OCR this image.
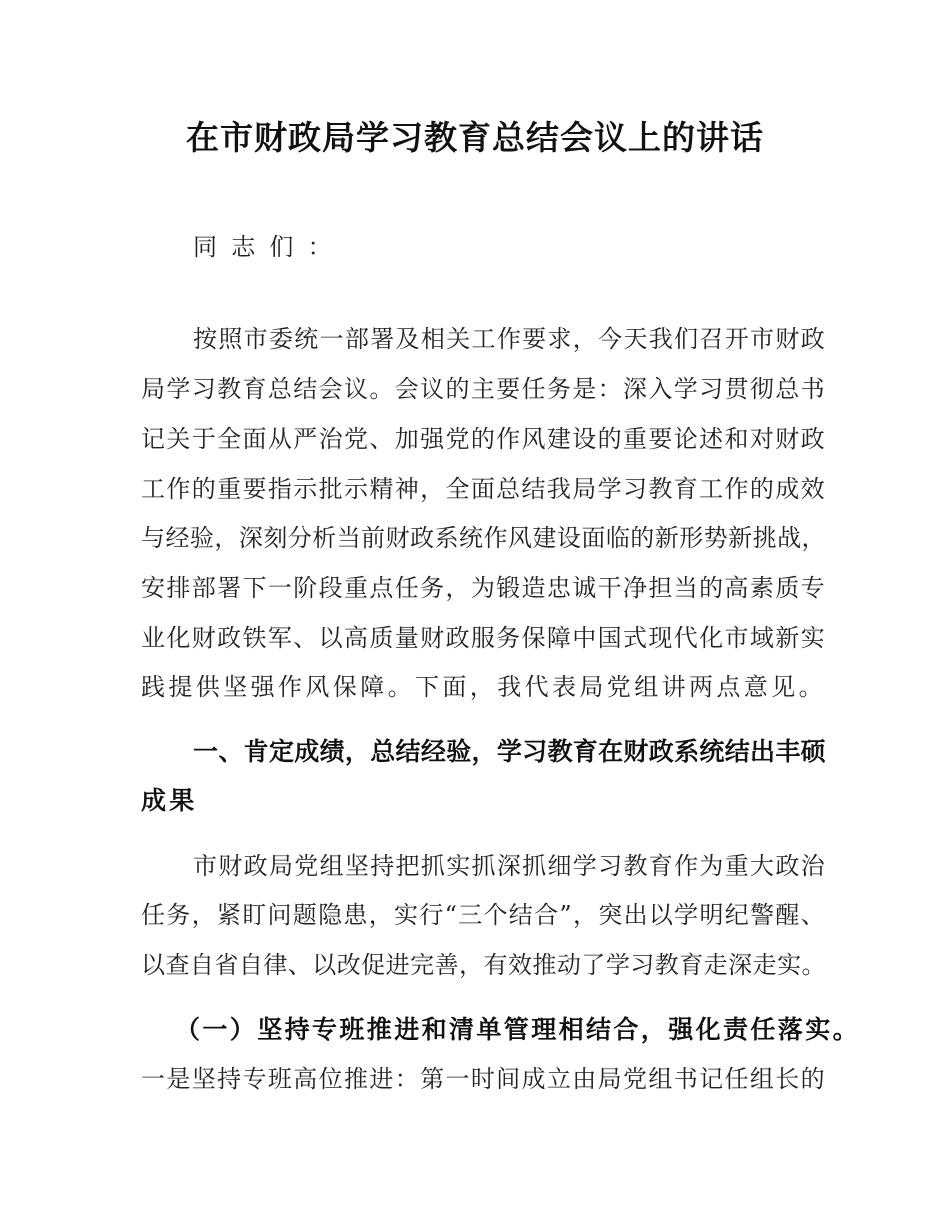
在市财政局学习教育总结会议上的讲话
同志们：
按照市委统一部署及相关工作要求，今天我们召开市财政
局学习教育总结会议。会议的主要任务是：深入学习贯彻总书
记关于全面从严治党、加强党的作风建设的重要论述和对财政
工作的重要指示批示精神，全面总结我局学习教育工作的成效
与经验，深刻分析当前财政系统作风建设面临的新形势新挑战，
安排部署下一阶段重点任务，为锻造忠诚干净担当的高素质专
业化财政铁军、以高质量财政服务保障中国式现代化市域新实
践提供坚强作风保障。下面，我代表局党组讲两点意见。
一、肯定成绩，总结经验，学习教育在财政系统结出丰硕
成果
市财政局党组坚持把抓实抓深抓细学习教育作为重大政治
任务，紧盯问题隐患，实行“三个结合”，突出以学明纪警醒、
以查自省自律、以改促进完善，有效推动了学习教育走深走实。
（一）坚持专班推进和清单管理相结合，强化责任落实。
一是坚持专班高位推进：第一时间成立由局党组书记任组长的
